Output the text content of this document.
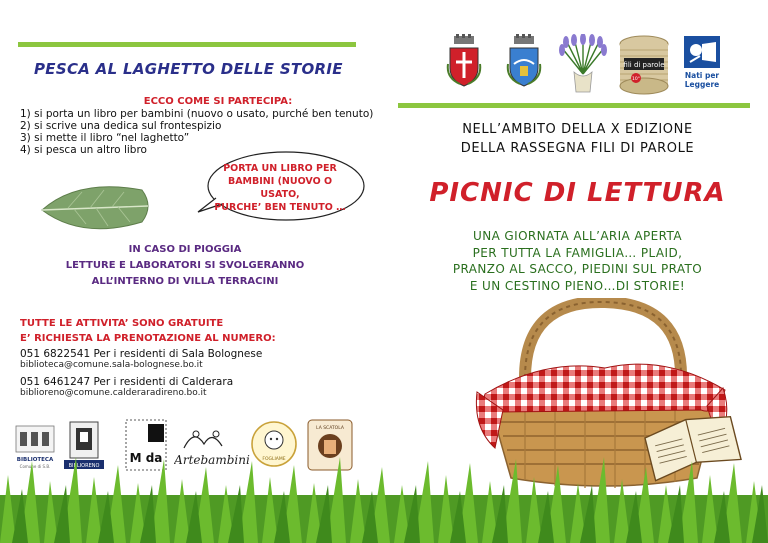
PESCA AL LAGHETTO DELLE STORIE
ECCO COME SI PARTECIPA:
1) si porta un libro per bambini (nuovo o usato, purché ben tenuto)
2) si scrive una dedica sul frontespizio
3) si mette il libro “nel laghetto”
4) si pesca un altro libro
PORTA UN LIBRO PER
BAMBINI (NUOVO O USATO,
PURCHE’ BEN TENUTO …
IN CASO DI PIOGGIA
LETTURE E LABORATORI SI SVOLGERANNO
ALL’INTERNO DI VILLA TERRACINI
TUTTE LE ATTIVITA’ SONO GRATUITE
E’ RICHIESTA LA PRENOTAZIONE AL NUMERO:
051 6822541 Per i residenti di Sala Bolognese
biblioteca@comune.sala-bolognese.bo.it
051 6461247 Per i residenti di Calderara
biblioreno@comune.calderaradireno.bo.it
BIBLIOTECA
Comune di S.B.	BIBLIORENO
M da Artebambini	FOGLIAME
LA SCATOLA
fili di parole
10°	Nati per
Leggere
NELL’AMBITO DELLA X EDIZIONE
DELLA RASSEGNA FILI DI PAROLE
PICNIC DI LETTURA
UNA GIORNATA ALL’ARIA APERTA
PER TUTTA LA FAMIGLIA… PLAID,
PRANZO AL SACCO, PIEDINI SUL PRATO
E UN CESTINO PIENO…DI STORIE!
